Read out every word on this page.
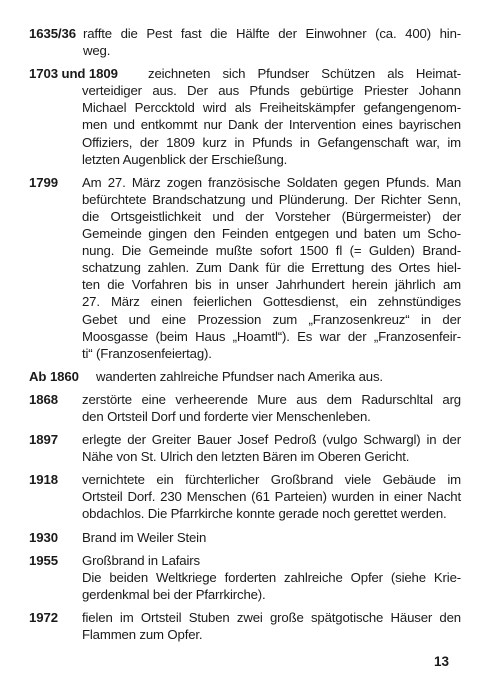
1635/36 raffte die Pest fast die Hälfte der Einwohner (ca. 400) hin-
weg.
1703 und 1809	zeichneten sich Pfundser Schützen als Heimat-
verteidiger aus. Der aus Pfunds gebürtige Priester Johann
Michael Perccktold wird als Freiheitskämpfer gefangengenom-
men und entkommt nur Dank der Intervention eines bayrischen
Offiziers, der 1809 kurz in Pfunds in Gefangenschaft war, im
letzten Augenblick der Erschießung.
1799	Am 27. März zogen französische Soldaten gegen Pfunds. Man
befürchtete Brandschatzung und Plünderung. Der Richter Senn,
die Ortsgeistlichkeit und der Vorsteher (Bürgermeister) der
Gemeinde gingen den Feinden entgegen und baten um Scho-
nung. Die Gemeinde mußte sofort 1500 fl (= Gulden) Brand-
schatzung zahlen. Zum Dank für die Errettung des Ortes hiel-
ten die Vorfahren bis in unser Jahrhundert herein jährlich am
27. März einen feierlichen Gottesdienst, ein zehnstündiges
Gebet und eine Prozession zum „Franzosenkreuz“ in der
Moosgasse (beim Haus „Hoamtl“). Es war der „Franzosenfeir-
ti“ (Franzosenfeiertag).
Ab 1860	wanderten zahlreiche Pfundser nach Amerika aus.
1868	zerstörte eine verheerende Mure aus dem Radurschltal arg
den Ortsteil Dorf und forderte vier Menschenleben.
1897	erlegte der Greiter Bauer Josef Pedroß (vulgo Schwargl) in der
Nähe von St. Ulrich den letzten Bären im Oberen Gericht.
1918	vernichtete ein fürchterlicher Großbrand viele Gebäude im
Ortsteil Dorf. 230 Menschen (61 Parteien) wurden in einer Nacht
obdachlos. Die Pfarrkirche konnte gerade noch gerettet werden.
1930	Brand im Weiler Stein
1955	Großbrand in Lafairs
Die beiden Weltkriege forderten zahlreiche Opfer (siehe Krie-
gerdenkmal bei der Pfarrkirche).
1972	fielen im Ortsteil Stuben zwei große spätgotische Häuser den
Flammen zum Opfer.
13
